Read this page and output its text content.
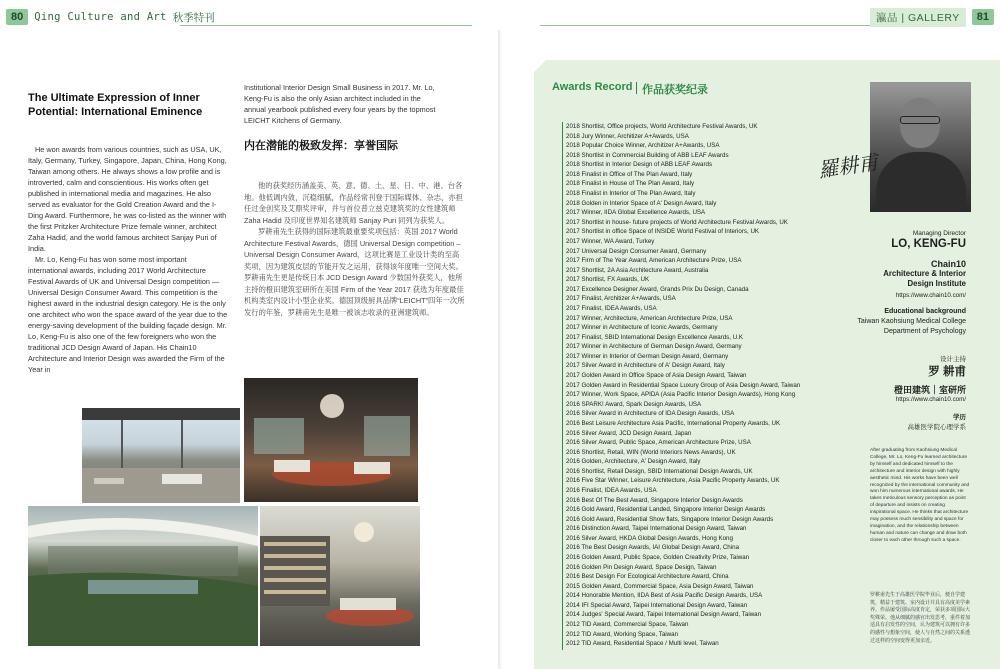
80	Qing Culture and Art 秋季特刊	瀛品 | GALLERY	81
The Ultimate Expression of Inner Potential: International Eminence

He won awards from various countries, such as USA, UK, Italy, Germany, Turkey, Singapore, Japan, China, Hong Kong, Taiwan among others. He always shows a low profile and is introverted, calm and conscientious. His works often get published in international media and magazines. He also served as evaluator for the Gold Creation Award and the I-Ding Award. Furthermore, he was co-listed as the winner with the first Pritzker Architecture Prize female winner, architect Zaha Hadid, and the world famous architect Sanjay Puri of India.

Mr. Lo, Keng-Fu has won some most important international awards, including 2017 World Architecture Festival Awards of UK and Universal Design competition — Universal Design Consumer Award. This competition is the highest award in the industrial design category. He is the only one architect who won the space award of the year due to the energy-saving development of the building façade design. Mr. Lo, Keng-Fu is also one of the few foreigners who won the traditional JCD Design Award of Japan. His Chain10 Architecture and Interior Design was awarded the Firm of the Year in

Institutional Interior Design Small Business in 2017. Mr. Lo, Keng-Fu is also the only Asian architect included in the annual yearbook published every four years by the topmost LEICHT Kitchens of Germany.
内在潜能的极致发挥：享誉国际

他的获奖经历涵盖美、英、意、德、土、星、日、中、港、台各地。他低调内敛，沉稳细腻，作品经常刊登于国际媒体、杂志，亦担任过金创奖及艾鼎奖评审，并与首位普立兹克建筑奖的女性建筑师 Zaha Hadid 及印度世界知名建筑师 Sanjay Puri 同列为获奖人。

罗耕甫先生获得的国际建筑最重要奖项包括：英国 2017 World Architecture Festival Awards、德国 Universal Design competition – Universal Design Consumer Award，这项比赛是工业设计类的至高奖项，因为建筑皮层的节能开发之运用，获得该年度唯一空间大奖。罗耕甫先生更是传统日本 JCD Design Award 少数国外获奖人，他所主持的橙田建筑室研所在美国 Firm of the Year 2017 获选为年度最佳机构类室内设计小型企业奖。德国顶级厨具品牌“LEICHT”四年一次所发行的年鉴，罗耕甫先生是唯一被该志收录的亚洲建筑师。

Awards Record 作品获奖纪录
2018 Shortlist, Office projects, World Architecture Festival Awards, UK
2018 Jury Winner, Architizer A+Awards, USA
2018 Popular Choice Winner, Architizer A+Awards, USA
2018 Shortlist in Commercial Building of ABB LEAF Awards
2018 Shortlist in Interior Design of ABB LEAF Awards
2018 Finalist in Office of The Plan Award, Italy
2018 Finalist in House of The Plan Award, Italy
2018 Finalist in Interior of The Plan Award, Italy
2018 Golden in Interior Space of A' Design Award, Italy
2017 Winner, IIDA Global Excellence Awards, USA
2017 Shortlist in house- future projects of World Architecture Festival Awards, UK
2017 Shortlist in office Space of INSIDE World Festival of Interiors, UK
2017 Winner, WA Award, Turkey
2017 Universal Design Consumer Award, Germany
2017 Firm of The Year Award, American Architecture Prize, USA
2017 Shortlist, 2A Asia Architecture Award, Australia
2017 Shortlist, FX Awards, UK
2017 Excellence Designer Award, Grands Prix Du Design, Canada
2017 Finalist, Architizer A+Awards, USA
2017 Finalist, IDEA Awards, USA
2017 Winner, Architecture, American Architecture Prize, USA
2017 Winner in Architecture of Iconic Awards, Germany
2017 Finalist, SBID International Design Excellence Awards, U.K
2017 Winner in Architecture of German Design Award, Germany
2017 Winner in Interior of German Design Award, Germany
2017 Silver Award in Architecture of A' Design Award, Italy
2017 Golden Award in Office Space of Asia Design Award, Taiwan
2017 Golden Award in Residential Space Luxury Group of Asia Design Award, Taiwan
2017 Winner, Work Space, APIDA (Asia Pacific Interior Design Awards), Hong Kong
2016 SPARK! Award, Spark Design Awards, USA
2016 Silver Award in Architecture of IDA Design Awards, USA
2016 Best Leisure Architecture Asia Pacific, International Property Awards, UK
2016 Silver Award, JCD Design Award, Japan
2016 Silver Award, Public Space, American Architecture Prize, USA
2016 Shortlist, Retail, WIN (World Interiors News Awards), UK
2016 Golden, Architecture, A' Design Award, Italy
2016 Shortlist, Retail Design, SBID International Design Awards, UK
2016 Five Star Winner, Leisure Architecture, Asia Pacific Property Awards, UK
2016 Finalist, IDEA Awards, USA
2016 Best Of The Best Award, Singapore Interior Design Awards
2016 Gold Award, Residential Landed, Singapore Interior Design Awards
2016 Gold Award, Residential Show flats, Singapore Interior Design Awards
2016 Distinction Award, Taipei International Design Award, Taiwan
2016 Silver Award, HKDA Global Design Awards, Hong Kong
2016 The Best Design Awards, IAI Global Design Award, China
2016 Golden Award, Public Space, Golden Creativity Prize, Taiwan
2016 Golden Pin Design Award, Space Design, Taiwan
2016 Best Design For Ecological Architecture Award, China
2015 Golden Award, Commercial Space, Asia Design Award, Taiwan
2014 Honorable Mention, IIDA Best of Asia Pacific Design Awards, USA
2014 IFI Special Award, Taipei International Design Award, Taiwan
2014 Judges' Special Award, Taipei International Design Award, Taiwan
2012 TID Award, Commercial Space, Taiwan
2012 TID Award, Working Space, Taiwan
2012 TID Award, Residential Space / Multi level, Taiwan
羅耕甫
Managing Director
LO, KENG-FU
Chain10
Architecture & Interior Design Institute
https://www.chain10.com/
Educational background
Taiwan Kaohsiung Medical College
Department of Psychology
设计主持
罗 耕甫
橙田建筑｜室研所
https://www.chain10.com/
学历
高雄医学院心理学系
After graduating from Kaohsiung Medical College, Mr. Lo, Keng-Fu learned architecture by himself and dedicated himself to the architecture and interior design with highly aesthetic mind. His works have been well recognized by the international community and won him numerous international awards. He takes meticulous sensory perception as point of departure and insists on creating inspirational space. He thinks that architecture may possess much sensibility and space for imagination, and the relationship between human and nature can change and draw both closer to each other through such a space.
罗耕甫先生于高雄医学院毕业后，便自学建筑，精益于建筑、室内设计并具有高度美学素养。作品屡受国际高度肯定，荣获多项国际大奖殊荣。他从细腻的感官出发思考，重件着加适具有启发性的空间，认为建筑可以拥有许多的感性与想象空间，使人与自然之间的关系透过这样的空间变得更加亲近。
